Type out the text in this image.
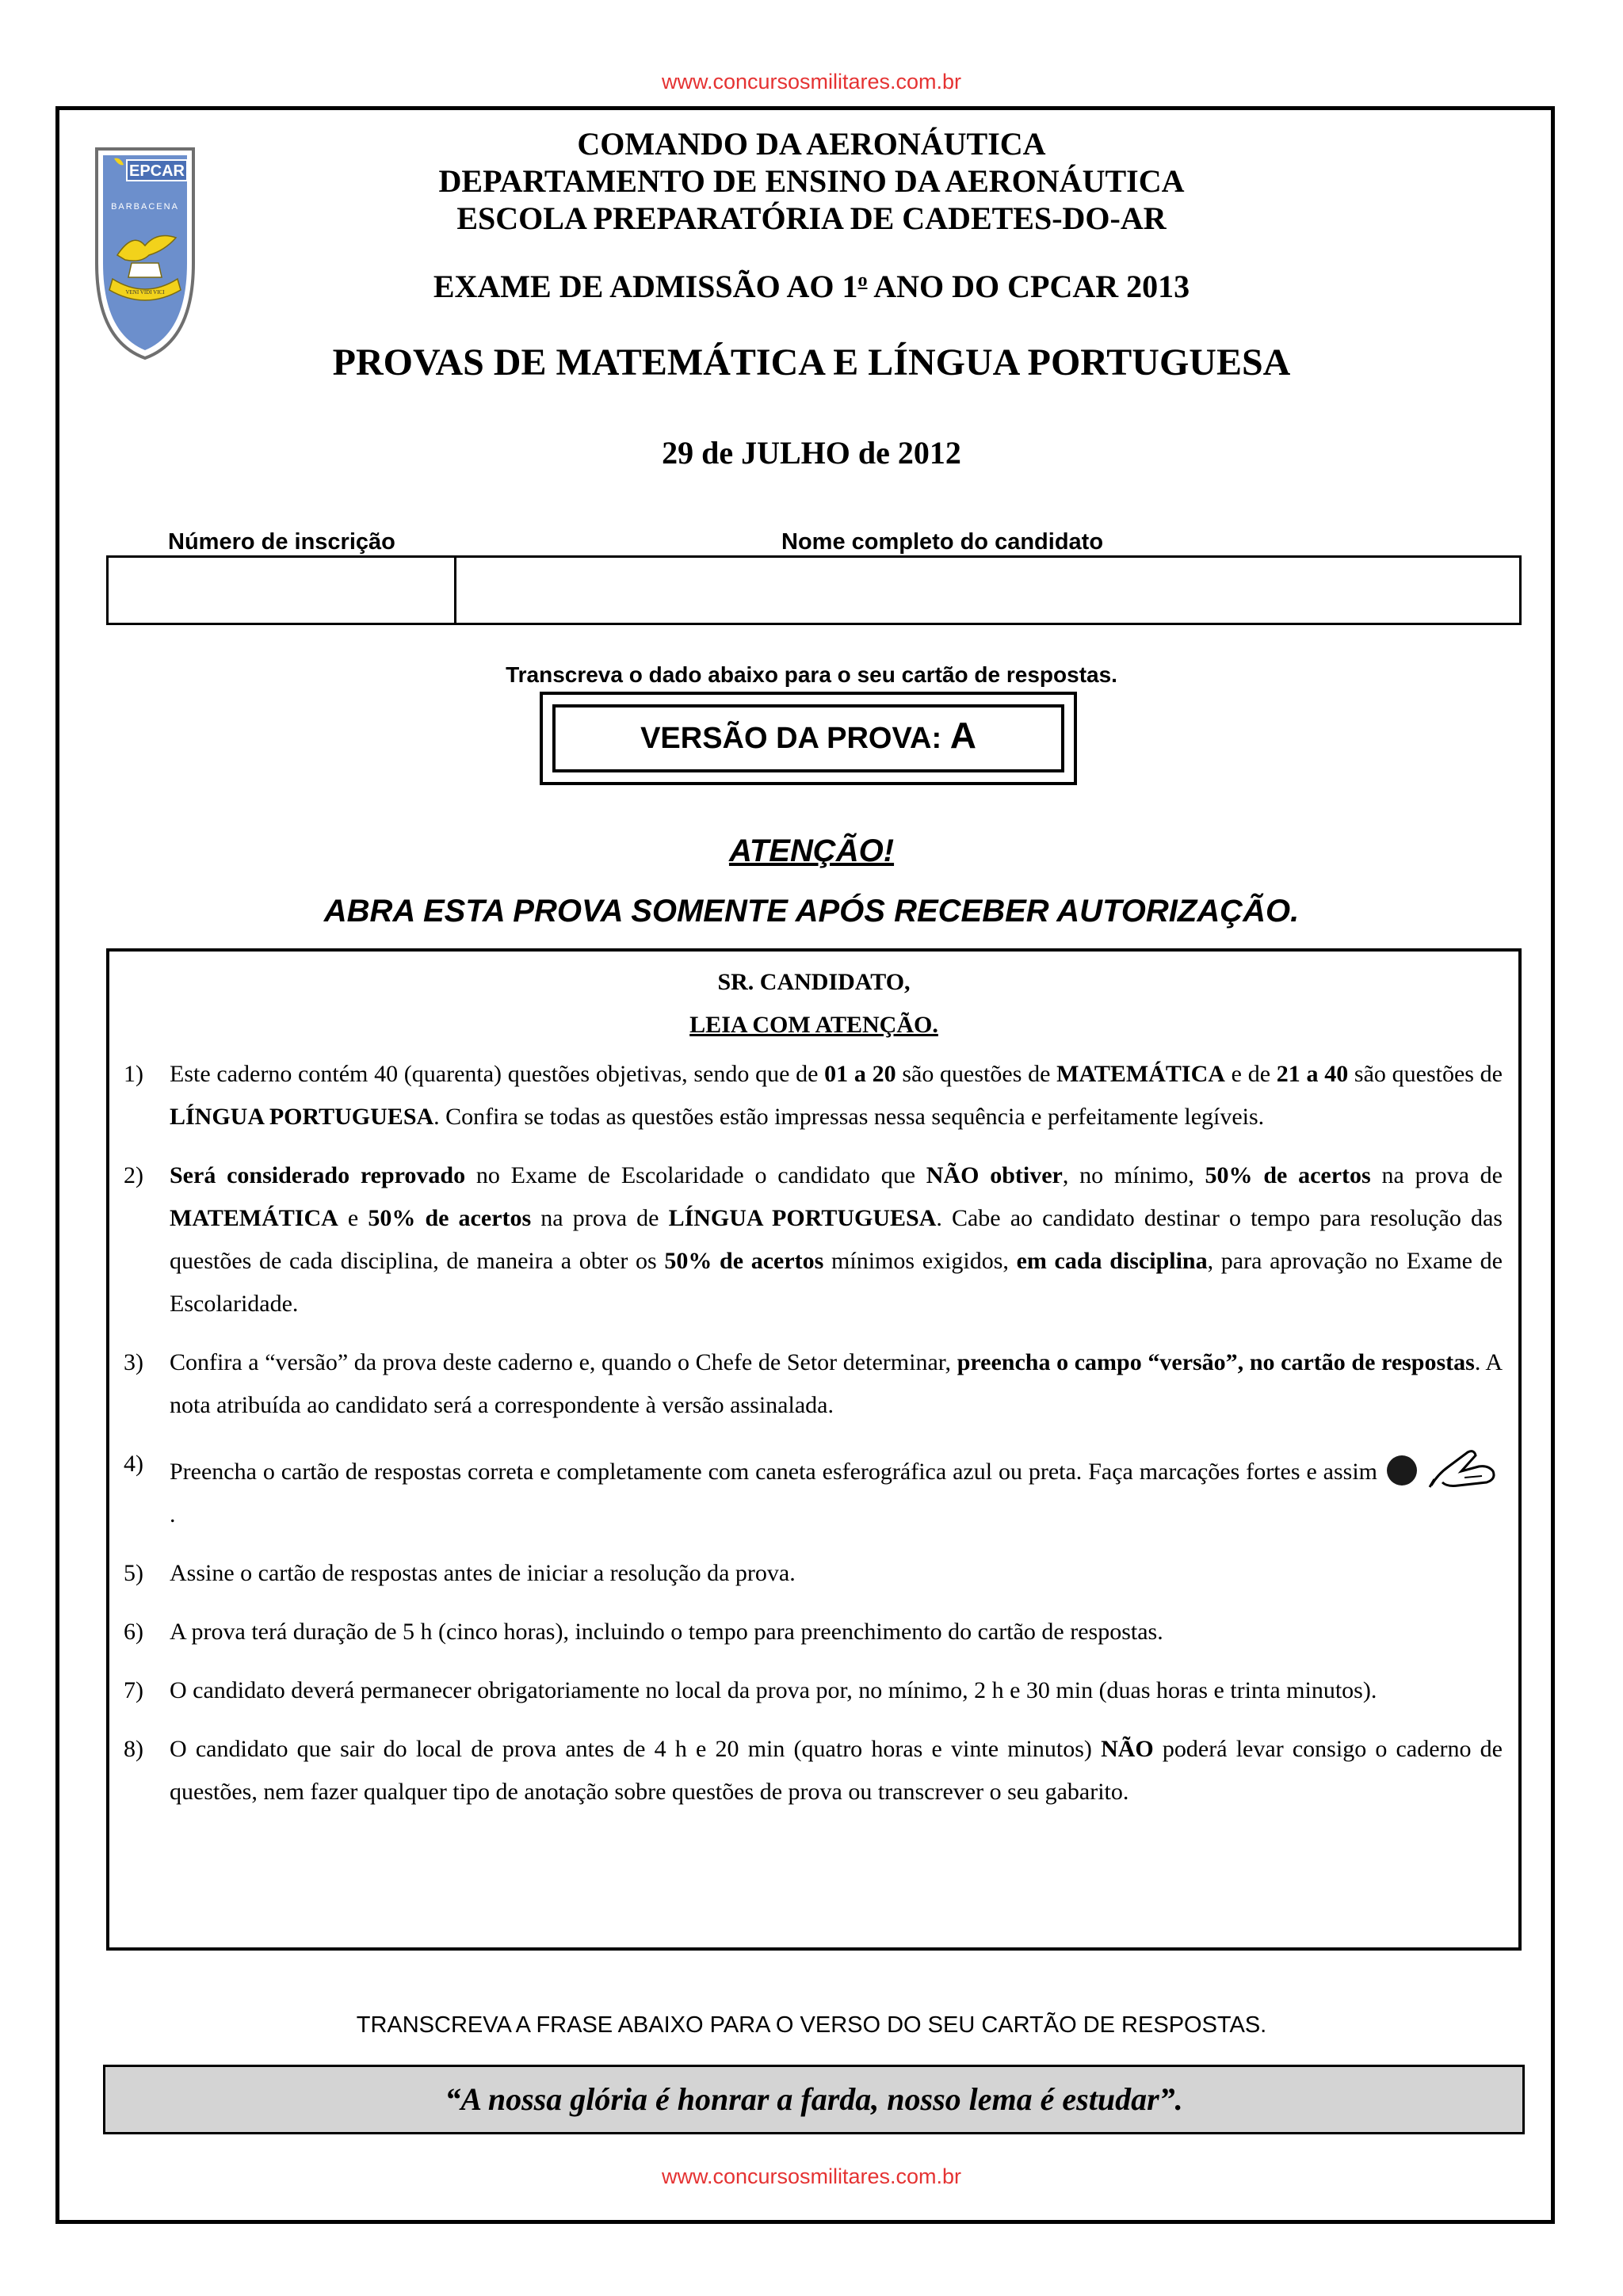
www.concursosmilitares.com.br
EPCAR
BARBACENA
VENI VIDI VICI
COMANDO DA AERONÁUTICA
DEPARTAMENTO DE ENSINO DA AERONÁUTICA
ESCOLA PREPARATÓRIA DE CADETES-DO-AR
EXAME DE ADMISSÃO AO 1$^o$ ANO DO CPCAR 2013
PROVAS DE MATEMÁTICA E LÍNGUA PORTUGUESA
29 de JULHO de 2012
Número de inscrição	Nome completo do candidato
Transcreva o dado abaixo para o seu cartão de respostas.
VERSÃO DA PROVA: A
ATENÇÃO!
ABRA ESTA PROVA SOMENTE APÓS RECEBER AUTORIZAÇÃO.
SR. CANDIDATO,
LEIA COM ATENÇÃO.
1) Este caderno contém 40 (quarenta) questões objetivas, sendo que de 01 a 20 são questões de MATEMÁTICA e de 21 a 40 são questões de LÍNGUA PORTUGUESA. Confira se todas as questões estão impressas nessa sequência e perfeitamente legíveis.
2) Será considerado reprovado no Exame de Escolaridade o candidato que NÃO obtiver, no mínimo, 50% de acertos na prova de MATEMÁTICA e 50% de acertos na prova de LÍNGUA PORTUGUESA. Cabe ao candidato destinar o tempo para resolução das questões de cada disciplina, de maneira a obter os 50% de acertos mínimos exigidos, em cada disciplina, para aprovação no Exame de Escolaridade.
3) Confira a “versão” da prova deste caderno e, quando o Chefe de Setor determinar, preencha o campo “versão”, no cartão de respostas. A nota atribuída ao candidato será a correspondente à versão assinalada.
4) Preencha o cartão de respostas correta e completamente com caneta esferográfica azul ou preta. Faça marcações fortes e assim.
5) Assine o cartão de respostas antes de iniciar a resolução da prova.
6) A prova terá duração de 5 h (cinco horas), incluindo o tempo para preenchimento do cartão de respostas.
7) O candidato deverá permanecer obrigatoriamente no local da prova por, no mínimo, 2 h e 30 min (duas horas e trinta minutos).
8) O candidato que sair do local de prova antes de 4 h e 20 min (quatro horas e vinte minutos) NÃO poderá levar consigo o caderno de questões, nem fazer qualquer tipo de anotação sobre questões de prova ou transcrever o seu gabarito.
TRANSCREVA A FRASE ABAIXO PARA O VERSO DO SEU CARTÃO DE RESPOSTAS.
“A nossa glória é honrar a farda, nosso lema é estudar”.
www.concursosmilitares.com.br
